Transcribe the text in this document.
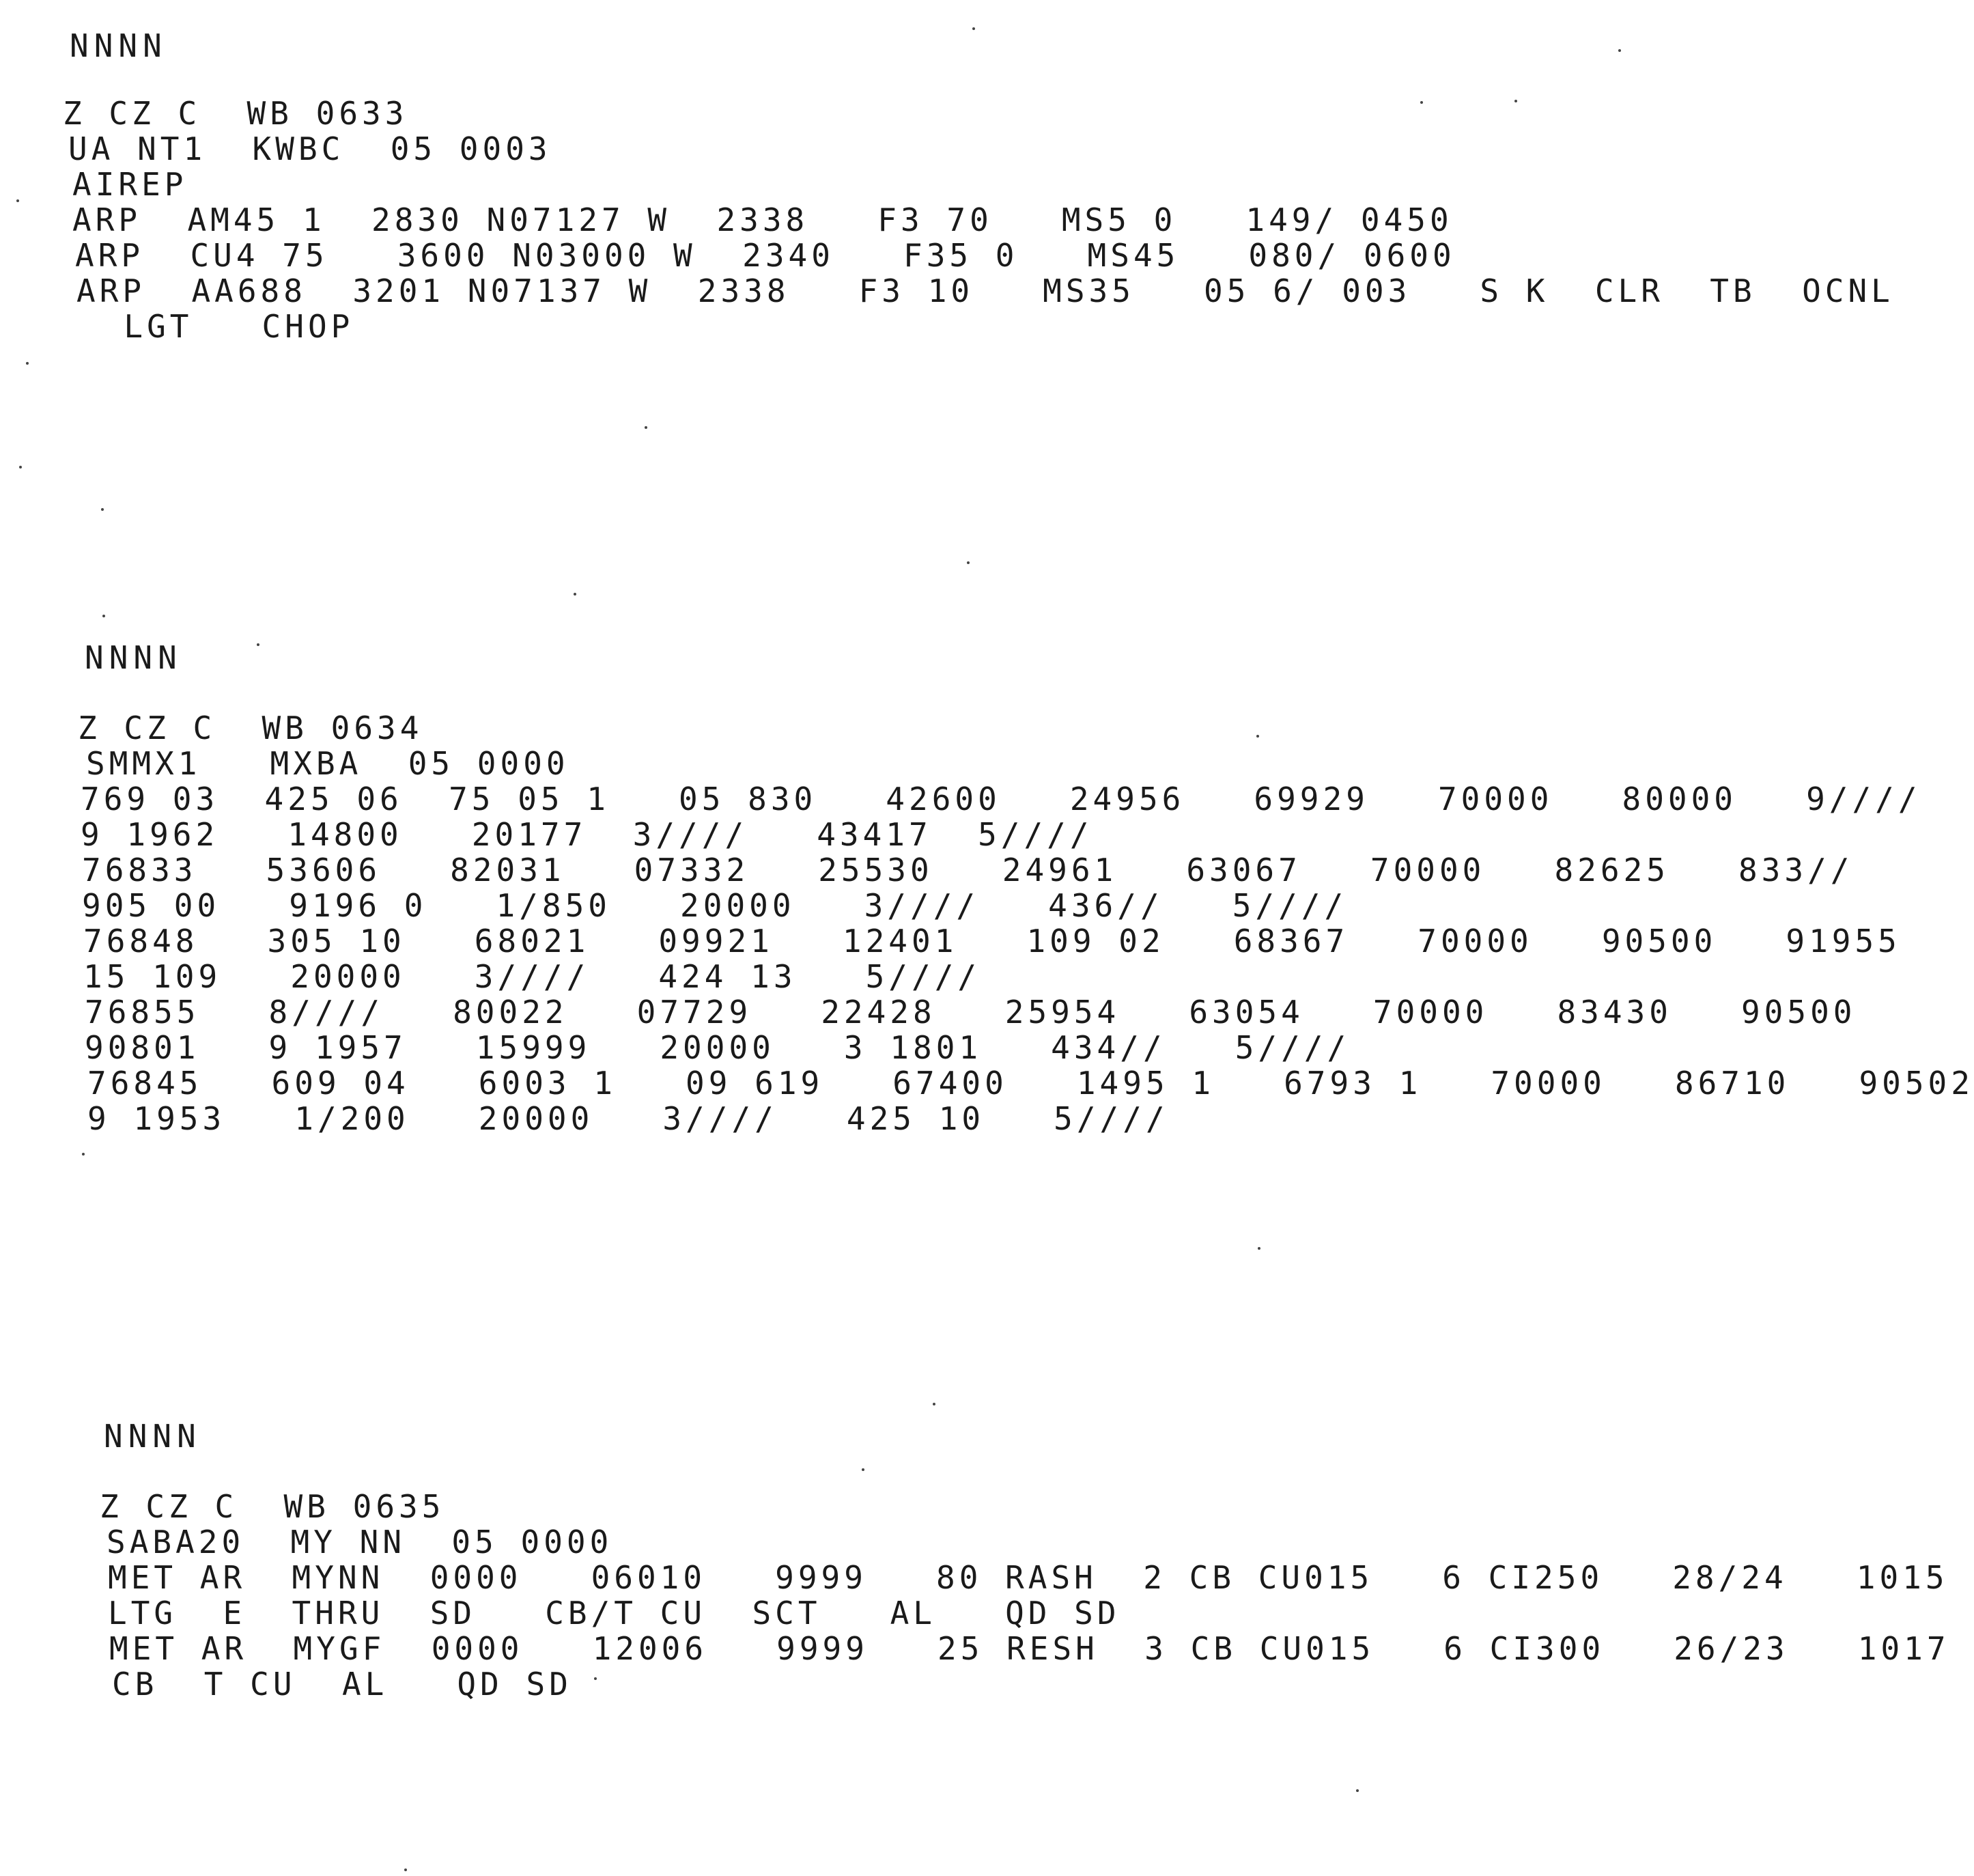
NNNN
Z CZ C  WB 0633
UA NT1  KWBC  05 0003
AIREP
ARP  AM45 1  2830 N07127 W  2338   F3 70   MS5 0   149/ 0450
ARP  CU4 75   3600 N03000 W  2340   F35 0   MS45   080/ 0600
ARP  AA688  3201 N07137 W  2338   F3 10   MS35   05 6/ 003   S K  CLR  TB  OCNL
LGT   CHOP
NNNN
Z CZ C  WB 0634
SMMX1   MXBA  05 0000
769 03  425 06  75 05 1   05 830   42600   24956   69929   70000   80000   9////
9 1962   14800   20177  3////   43417  5////
76833   53606   82031   07332   25530   24961   63067   70000   82625   833//
905 00   9196 0   1/850   20000   3////   436//   5////
76848   305 10   68021   09921   12401   109 02   68367   70000   90500   91955
15 109   20000   3////   424 13   5////
76855   8////   80022   07729   22428   25954   63054   70000   83430   90500
90801   9 1957   15999   20000   3 1801   434//   5////
76845   609 04   6003 1   09 619   67400   1495 1   6793 1   70000   86710   90502
9 1953   1/200   20000   3////   425 10   5////
NNNN
Z CZ C  WB 0635
SABA20  MY NN  05 0000
MET AR  MYNN  0000   06010   9999   80 RASH  2 CB CU015   6 CI250   28/24   1015
LTG  E  THRU  SD   CB/T CU  SCT   AL   QD SD
MET AR  MYGF  0000   12006   9999   25 RESH  3 CB CU015   6 CI300   26/23   1017
CB  T CU  AL   QD SD
